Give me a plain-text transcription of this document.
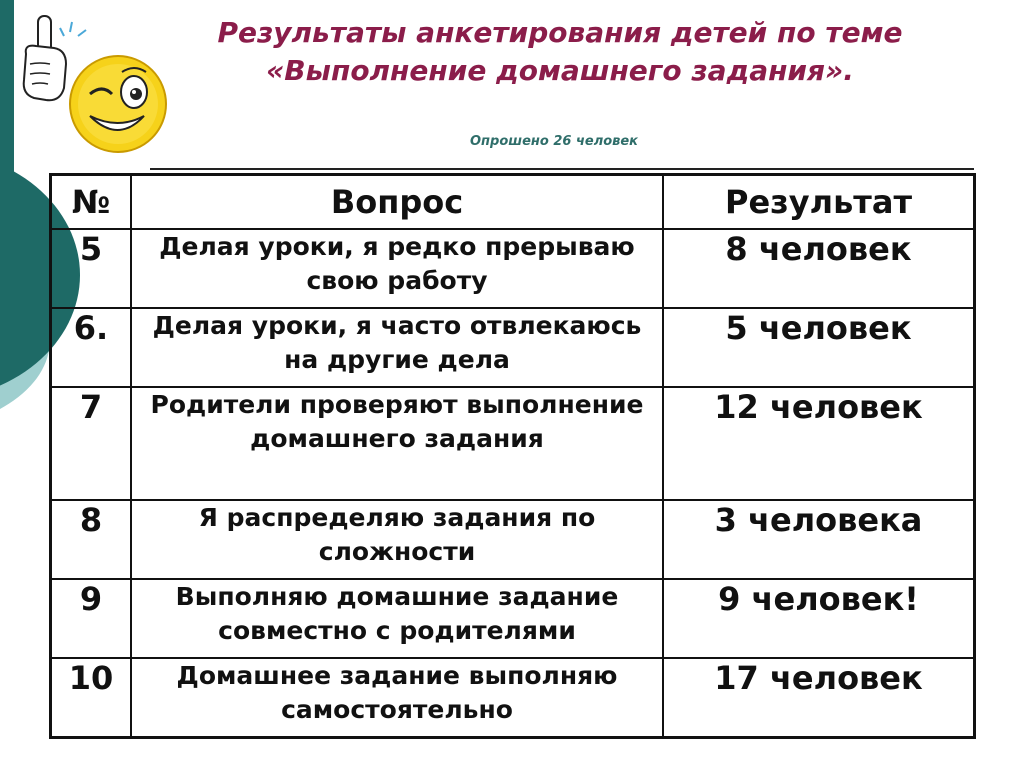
Результаты анкетирования детей по теме
«Выполнение домашнего задания».
Опрошено 26 человек
№	Вопрос	Результат
5	Делая уроки, я редко прерываю свою работу	8 человек
6.	Делая уроки, я часто отвлекаюсь на другие дела	5 человек
7	Родители проверяют выполнение домашнего задания	12 человек
8	Я распределяю задания по сложности	3 человека
9	Выполняю домашние задание совместно с родителями	9 человек!
10	Домашнее задание выполняю самостоятельно	17 человек
